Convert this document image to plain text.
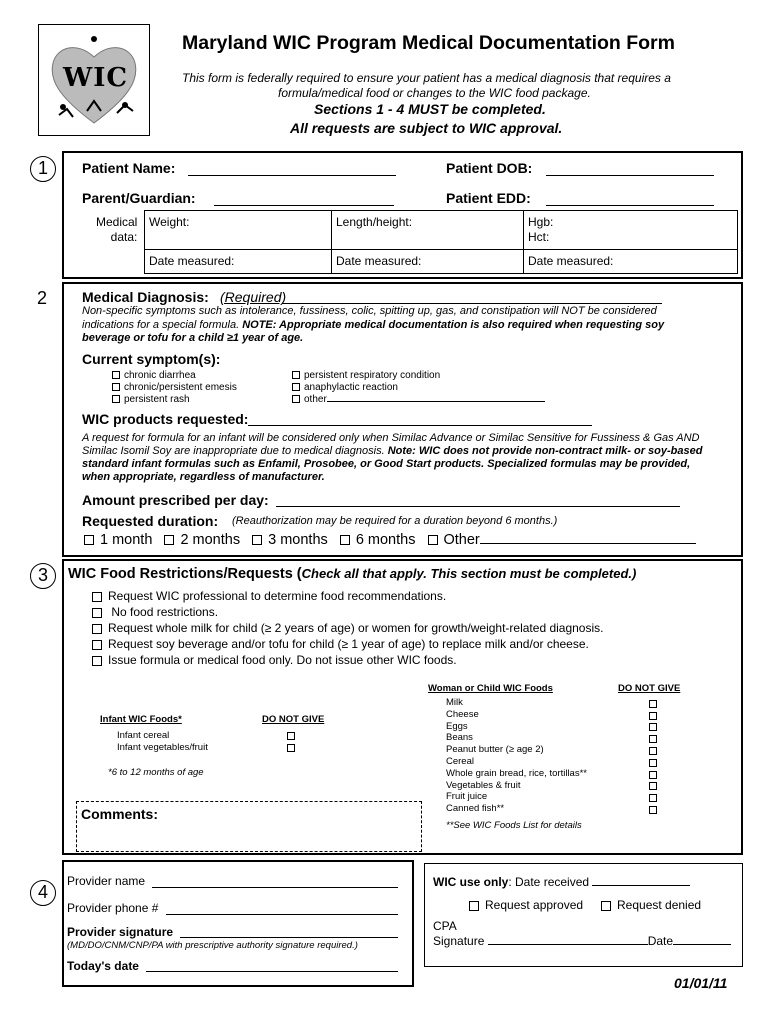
WIC
Maryland WIC Program Medical Documentation Form
This form is federally required to ensure your patient has a medical diagnosis that requires a
formula/medical food or changes to the WIC food package.
Sections 1 - 4 MUST be completed.
All requests are subject to WIC approval.
1	Patient Name:	Patient DOB:
Parent/Guardian:	Patient EDD:
Medical
data:
Weight:	Length/height:	Hgb:
Hct:
Date measured:	Date measured:	Date measured:
2 Medical Diagnosis: (Required)
Non-specific symptoms such as intolerance, fussiness, colic, spitting up, gas, and constipation will NOT be considered
indications for a special formula. NOTE: Appropriate medical documentation is also required when requesting soy
beverage or tofu for a child ≥1 year of age.
Current symptom(s):
chronic diarrhea
chronic/persistent emesis
persistent rash
persistent respiratory condition
anaphylactic reaction
other
WIC products requested:
A request for formula for an infant will be considered only when Similac Advance or Similac Sensitive for Fussiness & Gas AND
Similac Isomil Soy are inappropriate due to medical diagnosis. Note: WIC does not provide non-contract milk- or soy-based
standard infant formulas such as Enfamil, Prosobee, or Good Start products. Specialized formulas may be provided,
when appropriate, regardless of manufacturer.
Amount prescribed per day:
Requested duration: (Reauthorization may be required for a duration beyond 6 months.)
1 month 2 months 3 months 6 months Other
3	WIC Food Restrictions/Requests (Check all that apply. This section must be completed.)
Request WIC professional to determine food recommendations.
No food restrictions.
Request whole milk for child (≥ 2 years of age) or women for growth/weight-related diagnosis.
Request soy beverage and/or tofu for child (≥ 1 year of age) to replace milk and/or cheese.
Issue formula or medical food only. Do not issue other WIC foods.
Infant WIC Foods*	DO NOT GIVE
Infant cereal
Infant vegetables/fruit
*6 to 12 months of age
Woman or Child WIC Foods	DO NOT GIVE
Milk
Cheese
Eggs
Beans
Peanut butter (≥ age 2)
Cereal
Whole grain bread, rice, tortillas**
Vegetables & fruit
Fruit juice
Canned fish**
**See WIC Foods List for details
Comments:
4
Provider name
Provider phone #
Provider signature
(MD/DO/CNM/CNP/PA with prescriptive authority signature required.)
Today's date
WIC use only: Date received
Request approved	Request denied
CPA
Signature	Date
01/01/11
